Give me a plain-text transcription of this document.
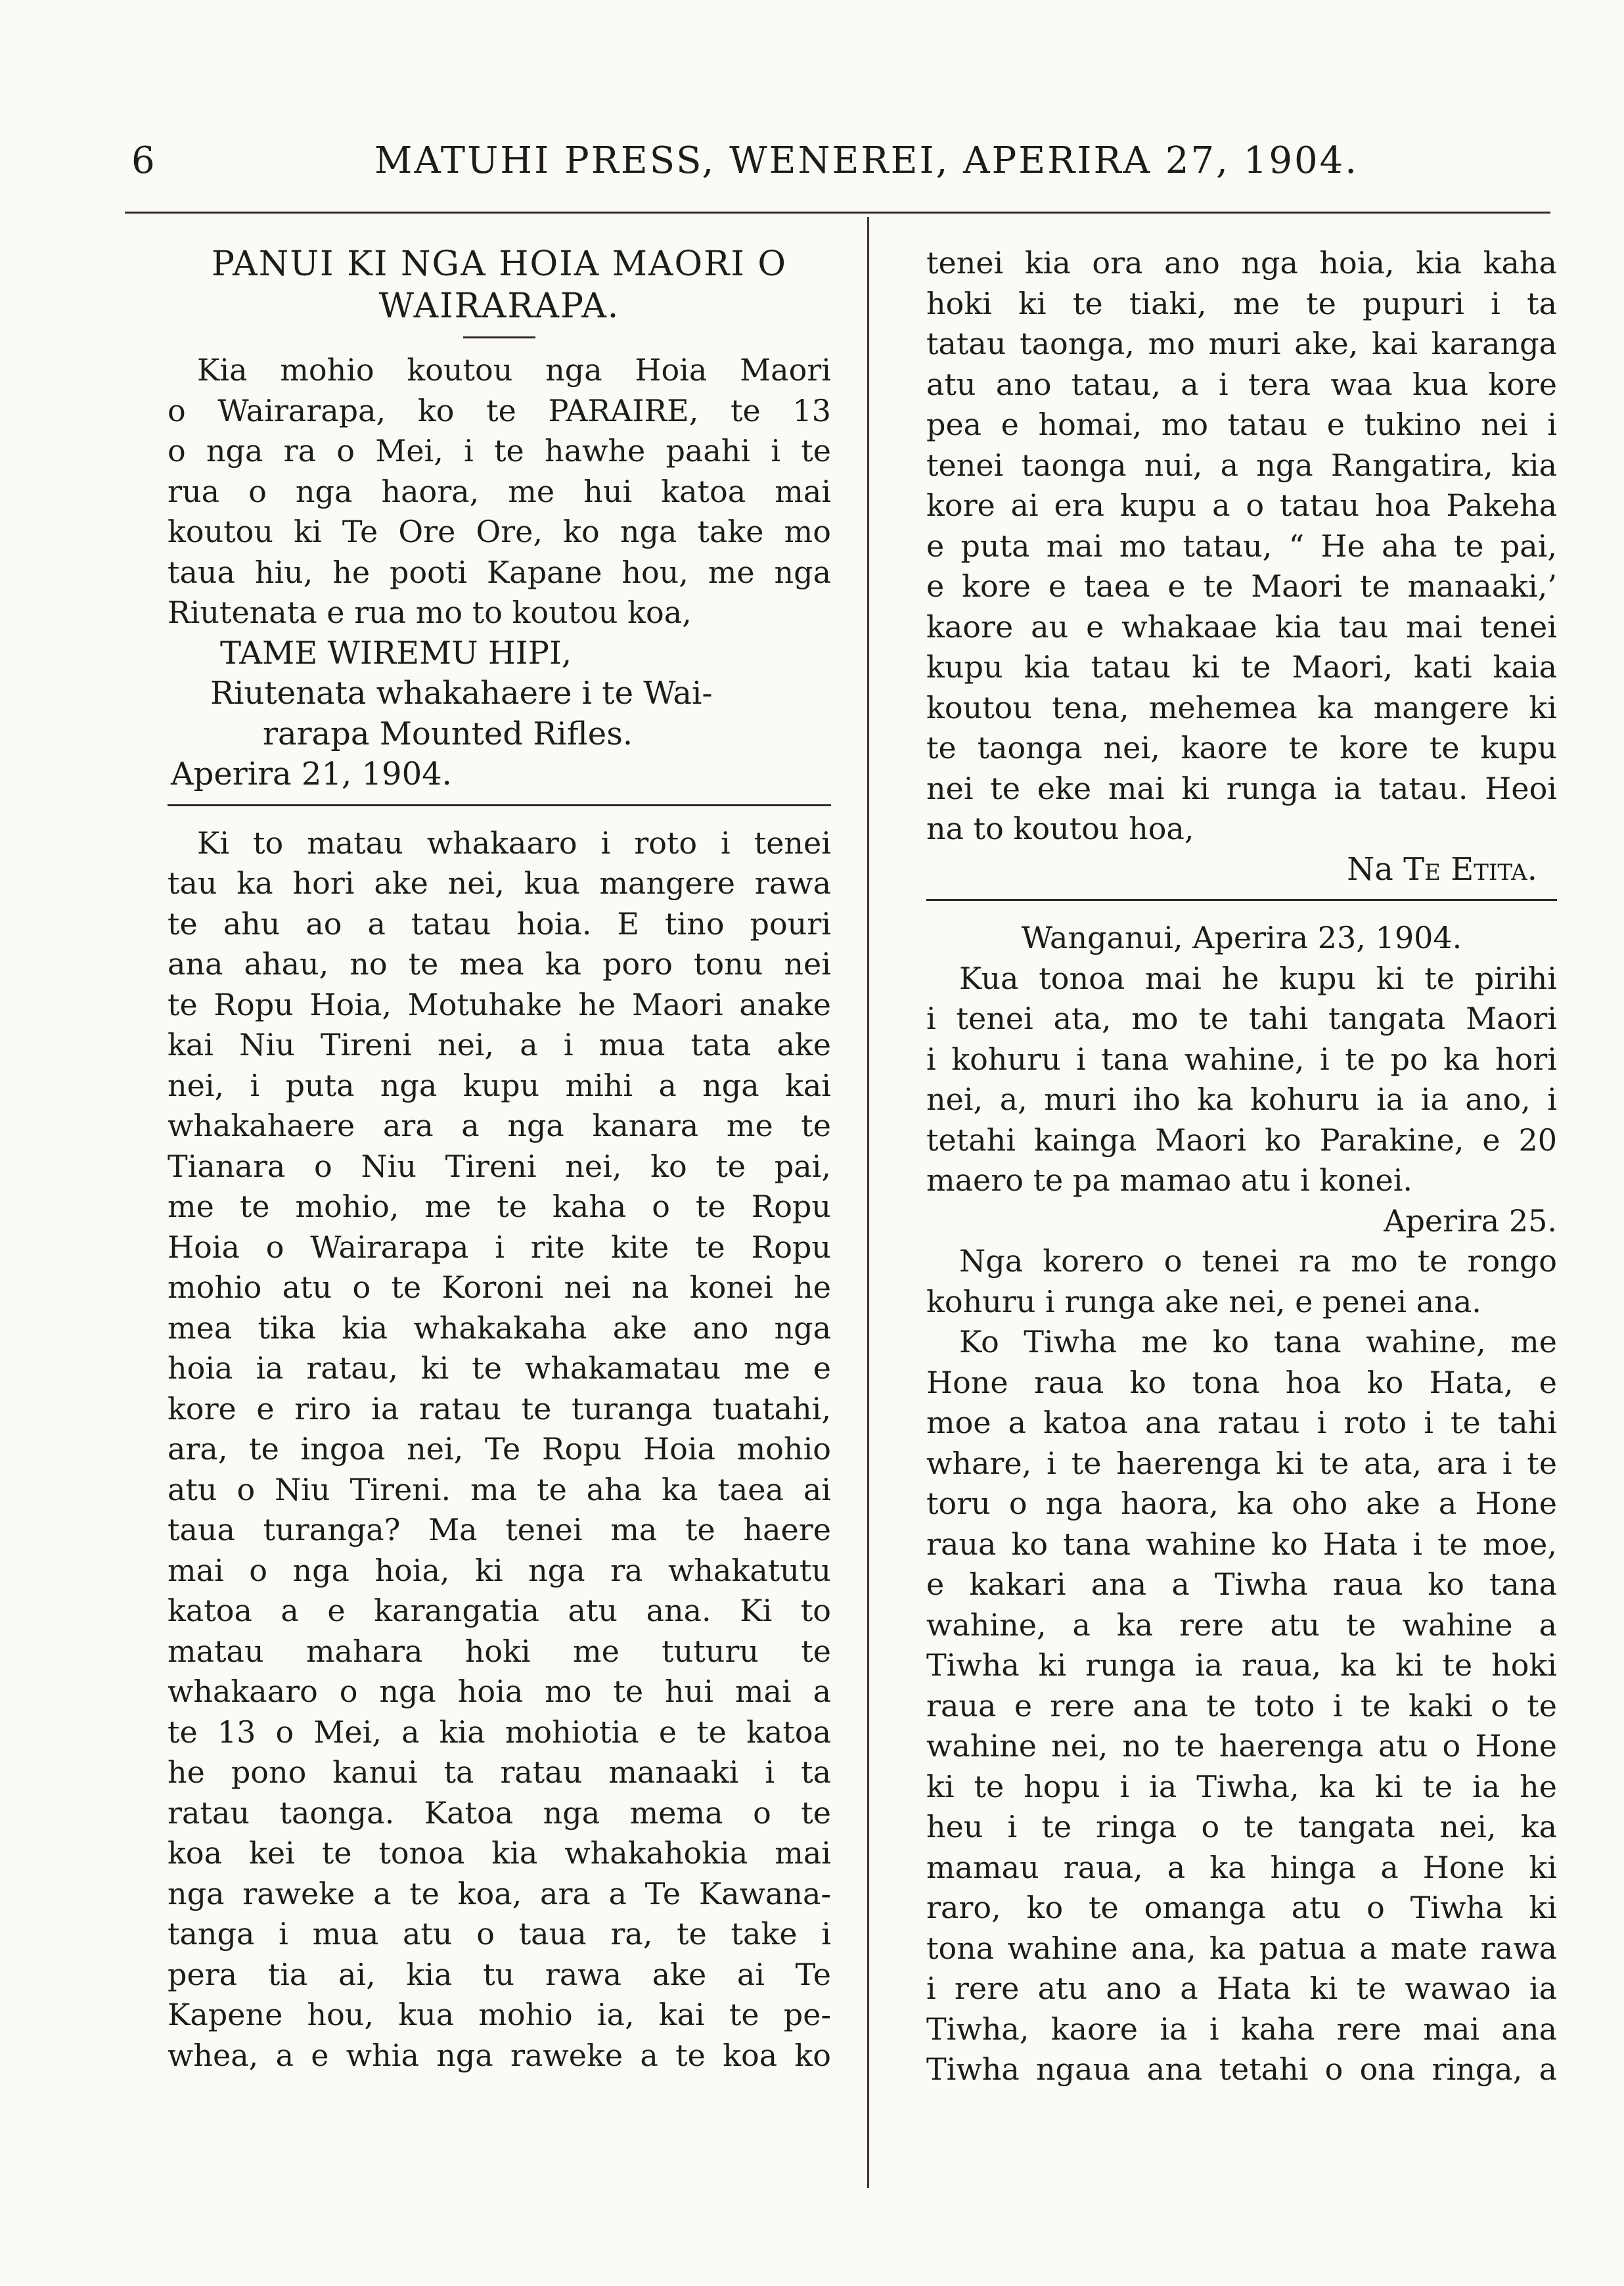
6	MATUHI PRESS, WENEREI, APERIRA 27, 1904.
PANUI KI NGA HOIA MAORI O
WAIRARAPA.
Kia mohio koutou nga Hoia Maori
o Wairarapa, ko te PARAIRE, te 13
o nga ra o Mei, i te hawhe paahi i te
rua o nga haora, me hui katoa mai
koutou ki Te Ore Ore, ko nga take mo
taua hiu, he pooti Kapane hou, me nga
Riutenata e rua mo to koutou koa,
TAME WIREMU HIPI,
Riutenata whakahaere i te Wai-
rarapa Mounted Rifles.
Aperira 21, 1904.
Ki to matau whakaaro i roto i tenei
tau ka hori ake nei, kua mangere rawa
te ahu ao a tatau hoia. E tino pouri
ana ahau, no te mea ka poro tonu nei
te Ropu Hoia, Motuhake he Maori anake
kai Niu Tireni nei, a i mua tata ake
nei, i puta nga kupu mihi a nga kai
whakahaere ara a nga kanara me te
Tianara o Niu Tireni nei, ko te pai,
me te mohio, me te kaha o te Ropu
Hoia o Wairarapa i rite kite te Ropu
mohio atu o te Koroni nei na konei he
mea tika kia whakakaha ake ano nga
hoia ia ratau, ki te whakamatau me e
kore e riro ia ratau te turanga tuatahi,
ara, te ingoa nei, Te Ropu Hoia mohio
atu o Niu Tireni. ma te aha ka taea ai
taua turanga? Ma tenei ma te haere
mai o nga hoia, ki nga ra whakatutu
katoa a e karangatia atu ana. Ki to
matau mahara hoki me tuturu te
whakaaro o nga hoia mo te hui mai a
te 13 o Mei, a kia mohiotia e te katoa
he pono kanui ta ratau manaaki i ta
ratau taonga. Katoa nga mema o te
koa kei te tonoa kia whakahokia mai
nga raweke a te koa, ara a Te Kawana-
tanga i mua atu o taua ra, te take i
pera tia ai, kia tu rawa ake ai Te
Kapene hou, kua mohio ia, kai te pe-
whea, a e whia nga raweke a te koa ko
tenei kia ora ano nga hoia, kia kaha
hoki ki te tiaki, me te pupuri i ta
tatau taonga, mo muri ake, kai karanga
atu ano tatau, a i tera waa kua kore
pea e homai, mo tatau e tukino nei i
tenei taonga nui, a nga Rangatira, kia
kore ai era kupu a o tatau hoa Pakeha
e puta mai mo tatau, “ He aha te pai,
e kore e taea e te Maori te manaaki,’
kaore au e whakaae kia tau mai tenei
kupu kia tatau ki te Maori, kati kaia
koutou tena, mehemea ka mangere ki
te taonga nei, kaore te kore te kupu
nei te eke mai ki runga ia tatau. Heoi
na to koutou hoa,
Na Te Etita.
Wanganui, Aperira 23, 1904.
Kua tonoa mai he kupu ki te pirihi
i tenei ata, mo te tahi tangata Maori
i kohuru i tana wahine, i te po ka hori
nei, a, muri iho ka kohuru ia ia ano, i
tetahi kainga Maori ko Parakine, e 20
maero te pa mamao atu i konei.
Aperira 25.
Nga korero o tenei ra mo te rongo
kohuru i runga ake nei, e penei ana.
Ko Tiwha me ko tana wahine, me
Hone raua ko tona hoa ko Hata, e
moe a katoa ana ratau i roto i te tahi
whare, i te haerenga ki te ata, ara i te
toru o nga haora, ka oho ake a Hone
raua ko tana wahine ko Hata i te moe,
e kakari ana a Tiwha raua ko tana
wahine, a ka rere atu te wahine a
Tiwha ki runga ia raua, ka ki te hoki
raua e rere ana te toto i te kaki o te
wahine nei, no te haerenga atu o Hone
ki te hopu i ia Tiwha, ka ki te ia he
heu i te ringa o te tangata nei, ka
mamau raua, a ka hinga a Hone ki
raro, ko te omanga atu o Tiwha ki
tona wahine ana, ka patua a mate rawa
i rere atu ano a Hata ki te wawao ia
Tiwha, kaore ia i kaha rere mai ana
Tiwha ngaua ana tetahi o ona ringa, a
